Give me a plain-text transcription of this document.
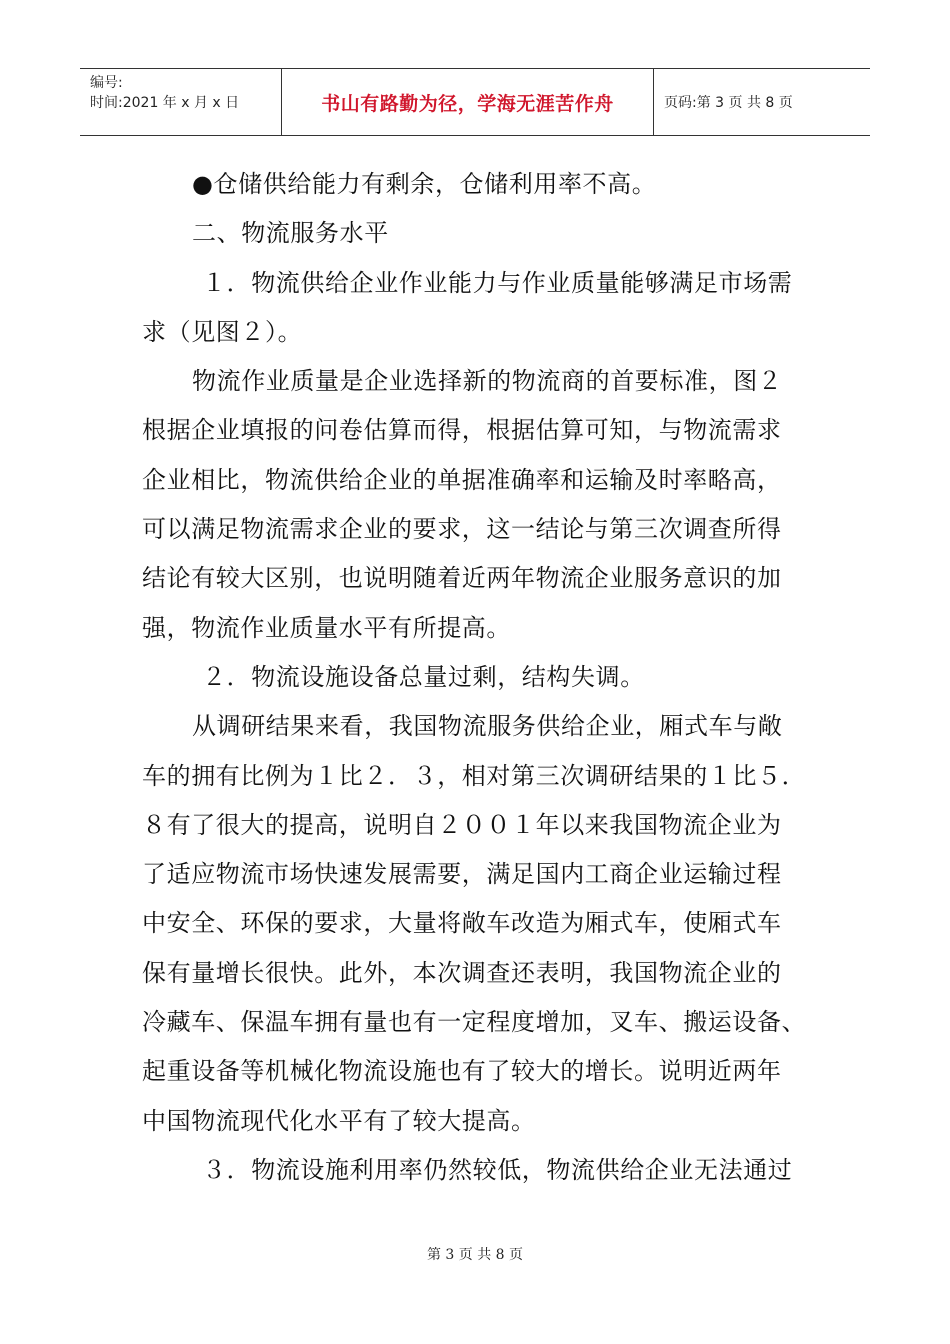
编号:
时间:2021 年 x 月 x 日	书山有路勤为径，学海无涯苦作舟	页码:第 3 页 共 8 页
●仓储供给能力有剩余，仓储利用率不高。
二、物流服务水平
１．物流供给企业作业能力与作业质量能够满足市场需
求（见图２）。
物流作业质量是企业选择新的物流商的首要标准，图２
根据企业填报的问卷估算而得，根据估算可知，与物流需求
企业相比，物流供给企业的单据准确率和运输及时率略高，
可以满足物流需求企业的要求，这一结论与第三次调查所得
结论有较大区别，也说明随着近两年物流企业服务意识的加
强，物流作业质量水平有所提高。
２．物流设施设备总量过剩，结构失调。
从调研结果来看，我国物流服务供给企业，厢式车与敞
车的拥有比例为１比２．３，相对第三次调研结果的１比５．
８有了很大的提高，说明自２００１年以来我国物流企业为
了适应物流市场快速发展需要，满足国内工商企业运输过程
中安全、环保的要求，大量将敞车改造为厢式车，使厢式车
保有量增长很快。此外，本次调查还表明，我国物流企业的
冷藏车、保温车拥有量也有一定程度增加，叉车、搬运设备、
起重设备等机械化物流设施也有了较大的增长。说明近两年
中国物流现代化水平有了较大提高。
３．物流设施利用率仍然较低，物流供给企业无法通过
第 3 页 共 8 页
